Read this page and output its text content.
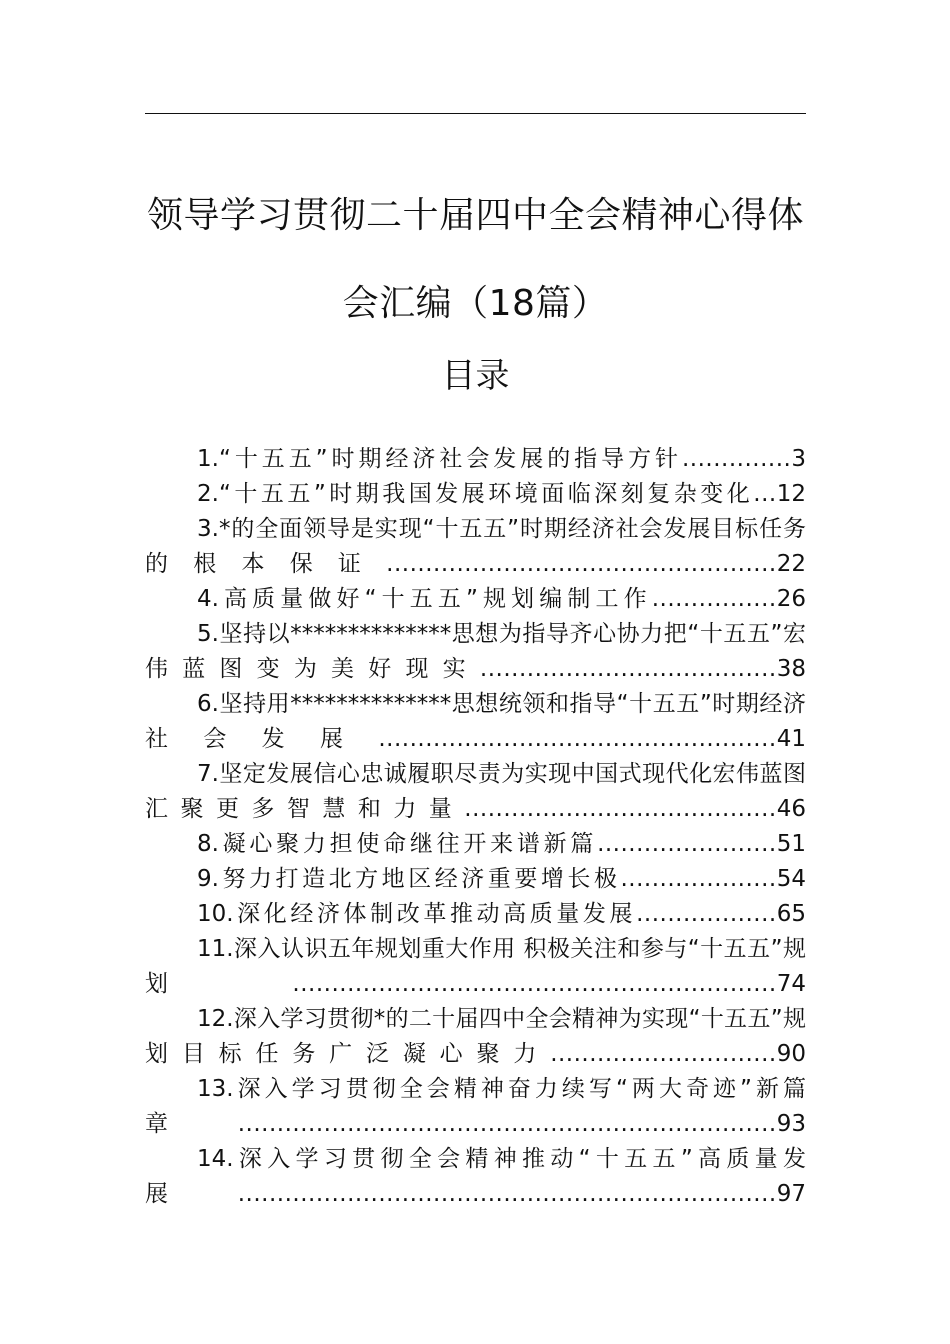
领导学习贯彻二十届四中全会精神心得体会汇编（18篇）
目录
1.“十五五”时期经济社会发展的指导方针..............3
2.“十五五”时期我国发展环境面临深刻复杂变化...12
3.*的全面领导是实现“十五五”时期经济社会发展目标任务的根本保证..................................................22
4.高质量做好“十五五”规划编制工作................26
5.坚持以**************思想为指导齐心协力把“十五五”宏伟蓝图变为美好现实......................................38
6.坚持用**************思想统领和指导“十五五”时期经济社会发展...................................................41
7.坚定发展信心忠诚履职尽责为实现中国式现代化宏伟蓝图汇聚更多智慧和力量........................................46
8.凝心聚力担使命继往开来谱新篇.......................51
9.努力打造北方地区经济重要增长极....................54
10.深化经济体制改革推动高质量发展..................65
11.深入认识五年规划重大作用 积极关注和参与“十五五”规划..............................................................74
12.深入学习贯彻*的二十届四中全会精神为实现“十五五”规划目标任务广泛凝心聚力.............................90
13.深入学习贯彻全会精神奋力续写“两大奇迹”新篇章.....................................................................93
14.深入学习贯彻全会精神推动“十五五”高质量发展.....................................................................97
